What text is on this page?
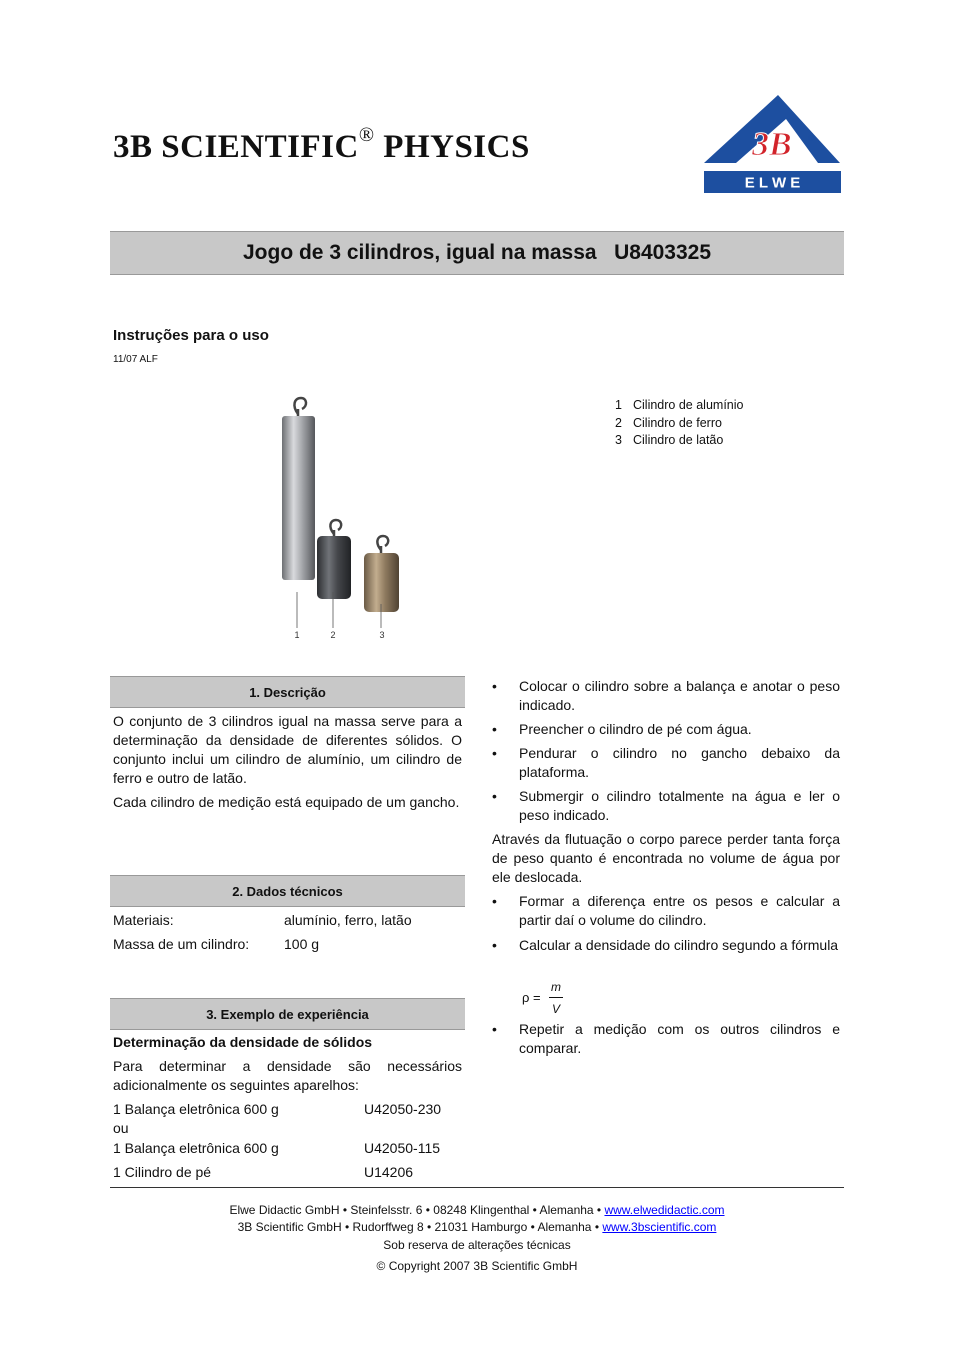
3B SCIENTIFIC® PHYSICS	3B ®
E L W E
Jogo de 3 cilindros, igual na massa   U8403325
Instruções para o uso
11/07 ALF
1	2	3
1 Cilindro de alumínio
2 Cilindro de ferro
3 Cilindro de latão
1. Descrição
O conjunto de 3 cilindros igual na massa serve para a determinação da densidade de diferentes sólidos. O conjunto inclui um cilindro de alumínio, um cilindro de ferro e outro de latão.
Cada cilindro de medição está equipado de um gancho.
2. Dados técnicos
Materiais:	alumínio, ferro, latão
Massa de um cilindro: 100 g
3. Exemplo de experiência
Determinação da densidade de sólidos
Para determinar a densidade são necessários adicionalmente os seguintes aparelhos:
1 Balança eletrônica 600 g	U42050-230
ou
1 Balança eletrônica 600 g	U42050-115
1 Cilindro de pé	U14206
•	Colocar o cilindro sobre a balança e anotar o peso indicado.
•	Preencher o cilindro de pé com água.
•	Pendurar o cilindro no gancho debaixo da plataforma.
•	Submergir o cilindro totalmente na água e ler o peso indicado.
Através da flutuação o corpo parece perder tanta força de peso quanto é encontrada no volume de água por ele deslocada.
•	Formar a diferença entre os pesos e calcular a partir daí o volume do cilindro.
•	Calcular a densidade do cilindro segundo a fórmula
ρ =
m
V
•	Repetir a medição com os outros cilindros e comparar.
Elwe Didactic GmbH • Steinfelsstr. 6 • 08248 Klingenthal • Alemanha • www.elwedidactic.com
3B Scientific GmbH • Rudorffweg 8 • 21031 Hamburgo • Alemanha • www.3bscientific.com
Sob reserva de alterações técnicas
© Copyright 2007 3B Scientific GmbH
